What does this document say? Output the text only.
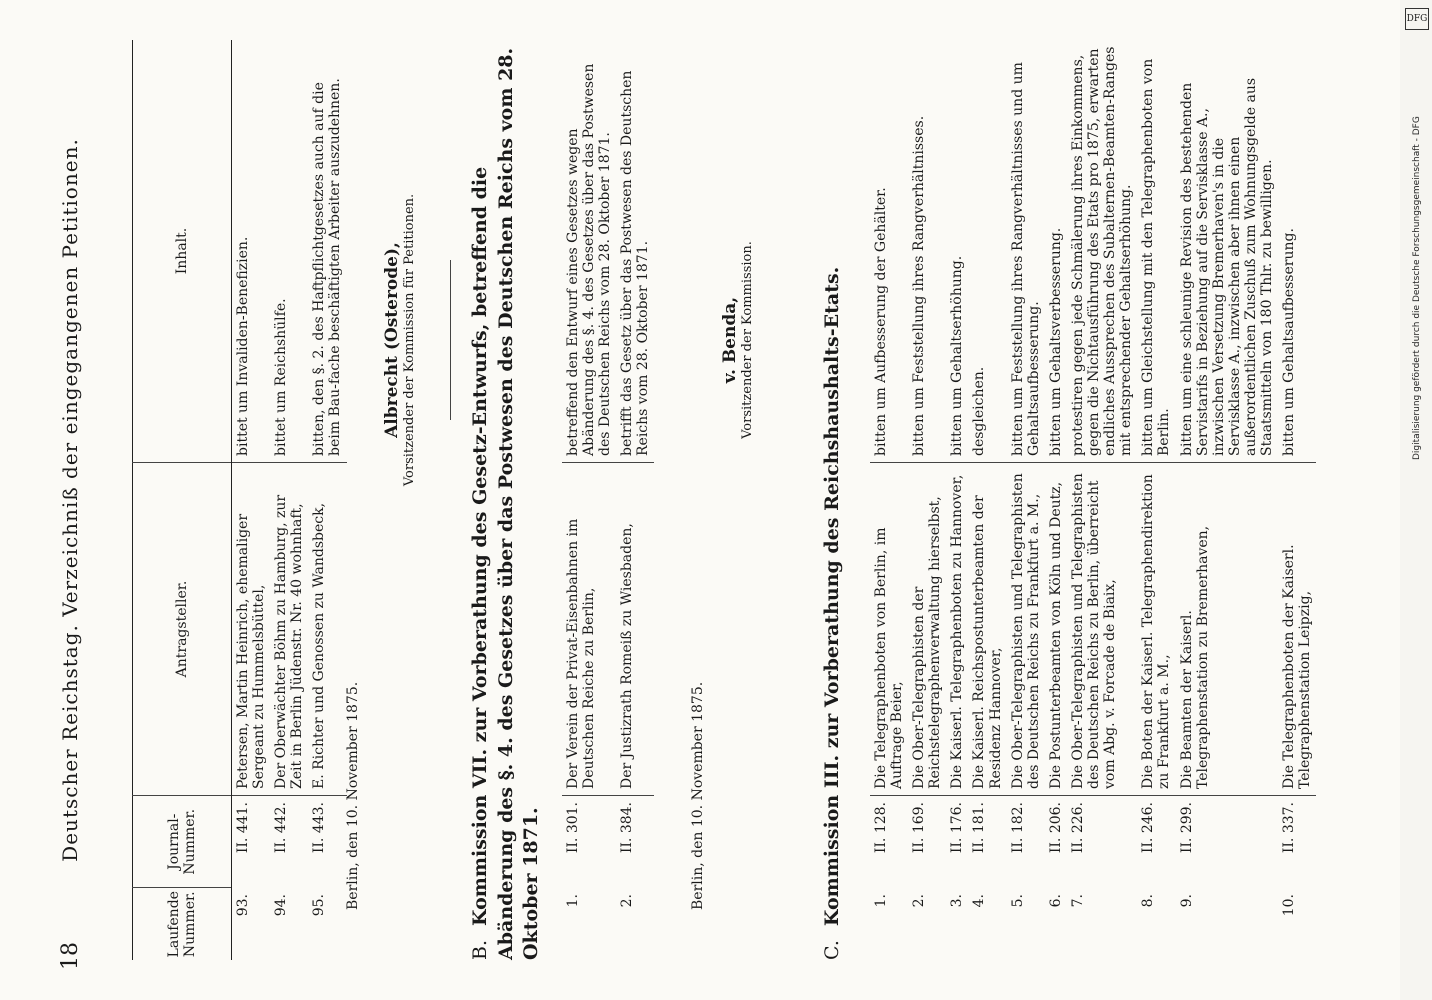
18
Deutscher Reichstag. Verzeichniß der eingegangenen Petitionen.
Laufende Nummer.	Journal-Nummer.	Antragsteller.	Inhalt.
93.	II. 441.	Petersen, Martin Heinrich, ehemaliger Sergeant zu Hummelsbüttel,	bittet um Invaliden-Benefizien.
94.	II. 442.	Der Oberwächter Böhm zu Hamburg, zur Zeit in Berlin Jüdenstr. Nr. 40 wohnhaft,	bittet um Reichshülfe.
95.	II. 443.	E. Richter und Genossen zu Wandsbeck,	bitten, den §. 2. des Haftpflichtgesetzes auch auf die beim Bau-fache beschäftigten Arbeiter auszudehnen.
Berlin, den 10. November 1875.
Albrecht (Osterode), Vorsitzender der Kommission für Petitionen.
B.Kommission VII. zur Vorberathung des Gesetz-Entwurfs, betreffend die Abänderung des §. 4. des Gesetzes über das Postwesen des Deutschen Reichs vom 28. Oktober 1871. 1.	II. 301.	Der Verein der Privat-Eisenbahnen im Deutschen Reiche zu Berlin,	betreffend den Entwurf eines Gesetzes wegen Abänderung des §. 4. des Gesetzes über das Postwesen des Deutschen Reichs vom 28. Oktober 1871.
2.	II. 384.	Der Justizrath Romeiß zu Wiesbaden,	betrifft das Gesetz über das Postwesen des Deutschen Reichs vom 28. Oktober 1871.
Berlin, den 10. November 1875.
v. Benda, Vorsitzender der Kommission.
C.Kommission III. zur Vorberathung des Reichshaushalts-Etats. 1.	II. 128.	Die Telegraphenboten von Berlin, im Auftrage Beier,	bitten um Aufbesserung der Gehälter.
2.	II. 169.	Die Ober-Telegraphisten der Reichstelegraphenverwaltung hierselbst,	bitten um Feststellung ihres Rangverhältnisses.
3.	II. 176.	Die Kaiserl. Telegraphenboten zu Hannover,	bitten um Gehaltserhöhung.
4.	II. 181.	Die Kaiserl. Reichspostunterbeamten der Residenz Hannover,	desgleichen.
5.	II. 182.	Die Ober-Telegraphisten und Telegraphisten des Deutschen Reichs zu Frankfurt a. M.,	bitten um Feststellung ihres Rangverhältnisses und um Gehaltsaufbesserung.
6.	II. 206.	Die Postunterbeamten von Köln und Deutz,	bitten um Gehaltsverbesserung.
7.	II. 226.	Die Ober-Telegraphisten und Telegraphisten des Deutschen Reichs zu Berlin, überreicht vom Abg. v. Forcade de Biaix,	protestiren gegen jede Schmälerung ihres Einkommens, gegen die Nichtausführung des Etats pro 1875, erwarten endliches Aussprechen des Subalternen-Beamten-Ranges mit entsprechender Gehaltserhöhung.
8.	II. 246.	Die Boten der Kaiserl. Telegraphendirektion zu Frankfurt a. M.,	bitten um Gleichstellung mit den Telegraphenboten von Berlin.
9.	II. 299.	Die Beamten der Kaiserl. Telegraphenstation zu Bremerhaven,	bitten um eine schleunige Revision des bestehenden Servistarifs in Beziehung auf die Servisklasse A., inzwischen Versetzung Bremerhaven's in die Servisklasse A., inzwischen aber ihnen einen außerordentlichen Zuschuß zum Wohnungsgelde aus Staatsmitteln von 180 Thlr. zu bewilligen.
10.	II. 337.	Die Telegraphenboten der Kaiserl. Telegraphenstation Leipzig,	bitten um Gehaltsaufbesserung.
DFG
Digitalisierung gefördert durch die Deutsche Forschungsgemeinschaft - DFG
